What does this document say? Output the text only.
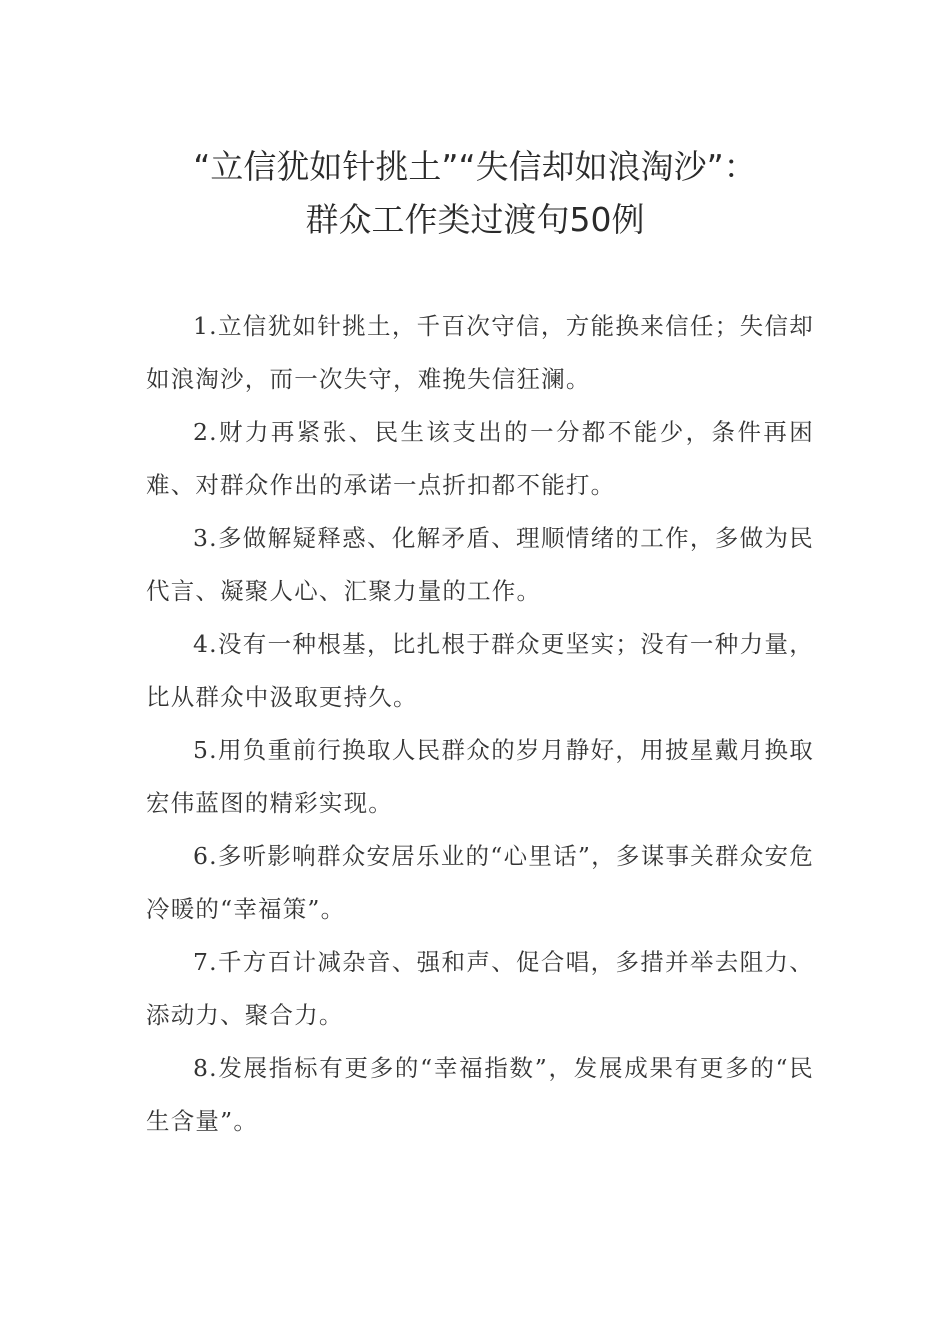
“立信犹如针挑土”“失信却如浪淘沙”：
群众工作类过渡句50例

1.立信犹如针挑土，千百次守信，方能换来信任；失信却如浪淘沙，而一次失守，难挽失信狂澜。

2.财力再紧张、民生该支出的一分都不能少，条件再困难、对群众作出的承诺一点折扣都不能打。

3.多做解疑释惑、化解矛盾、理顺情绪的工作，多做为民代言、凝聚人心、汇聚力量的工作。

4.没有一种根基，比扎根于群众更坚实；没有一种力量，比从群众中汲取更持久。

5.用负重前行换取人民群众的岁月静好，用披星戴月换取宏伟蓝图的精彩实现。

6.多听影响群众安居乐业的“心里话”，多谋事关群众安危冷暖的“幸福策”。

7.千方百计减杂音、强和声、促合唱，多措并举去阻力、添动力、聚合力。

8.发展指标有更多的“幸福指数”，发展成果有更多的“民生含量”。
